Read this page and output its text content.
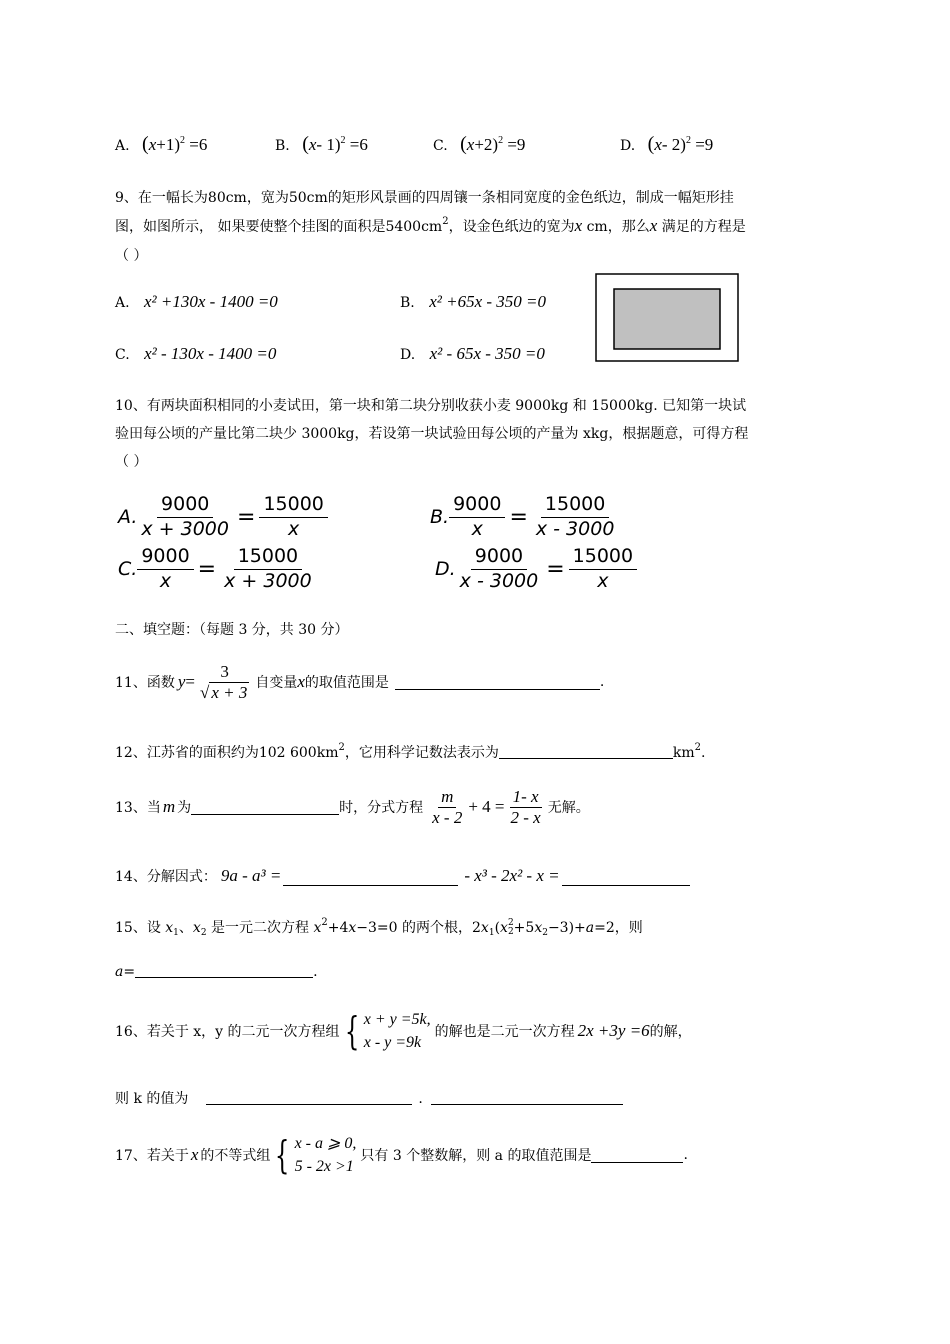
A. $(x+1)^2 =6$	B. (x- 1)$^2$ =6	C. $(x+2)^2 =9$	D. (x- 2)$^2$ =9
9、在一幅长为80cm，宽为50cm的矩形风景画的四周镶一条相同宽度的金色纸边，制成一幅矩形挂
图，如图所示， 如果要使整个挂图的面积是$5400cm^2$，设金色纸边的宽为x cm，那么x 满足的方程是
（ ）
A. x² +130x - 1400 =0	B. x² +65x - 350 =0
C. x² - 130x - 1400 =0	D. x² - 65x - 350 =0
10、有两块面积相同的小麦试田，第一块和第二块分别收获小麦 9000kg 和 15000kg. 已知第一块试
验田每公顷的产量比第二块少 3000kg，若设第一块试验田每公顷的产量为 xkg，根据题意，可得方程
（ ）
A. $\frac{9000}{x + 3000} = \frac{15000}{x}$	B. $\frac{9000}{x} = \frac{15000}{x - 3000}$
C. $\frac{9000}{x} = \frac{15000}{x + 3000}$	D. $\frac{9000}{x - 3000} = \frac{15000}{x}$
二、填空题：（每题 3 分，共 30 分）
11、函数 $y = \frac{3}{√ x + 3}$ 自变量 x 的取值范围是	.
12、江苏省的面积约为102 $600km^2$，它用科学记数法表示为	$km^2$.
13、当 m 为	时，分式方程 $\frac{m}{x - 2} + 4 = \frac{1- x}{2 - x}$ 无解。
14、分解因式： 9a - a³ =	- x³ - 2x² - x =
15、设 $x_1$、$x_2$ 是一元二次方程 $x^2+4x-3=0$ 的两个根，$2x_1(x$ 2
$2 +5x_2-3)+a=2$，则
a=	.
16、若关于 x，y 的二元一次方程组 { x + y =5k,
x - y =9k
的解也是二元一次方程 2x +3y =6 的解，
则 k 的值为	.
17、若关于 x 的不等式组 { x - a ⩾ 0,
5 - 2x >1
只有 3 个整数解，则 a 的取值范围是	.
